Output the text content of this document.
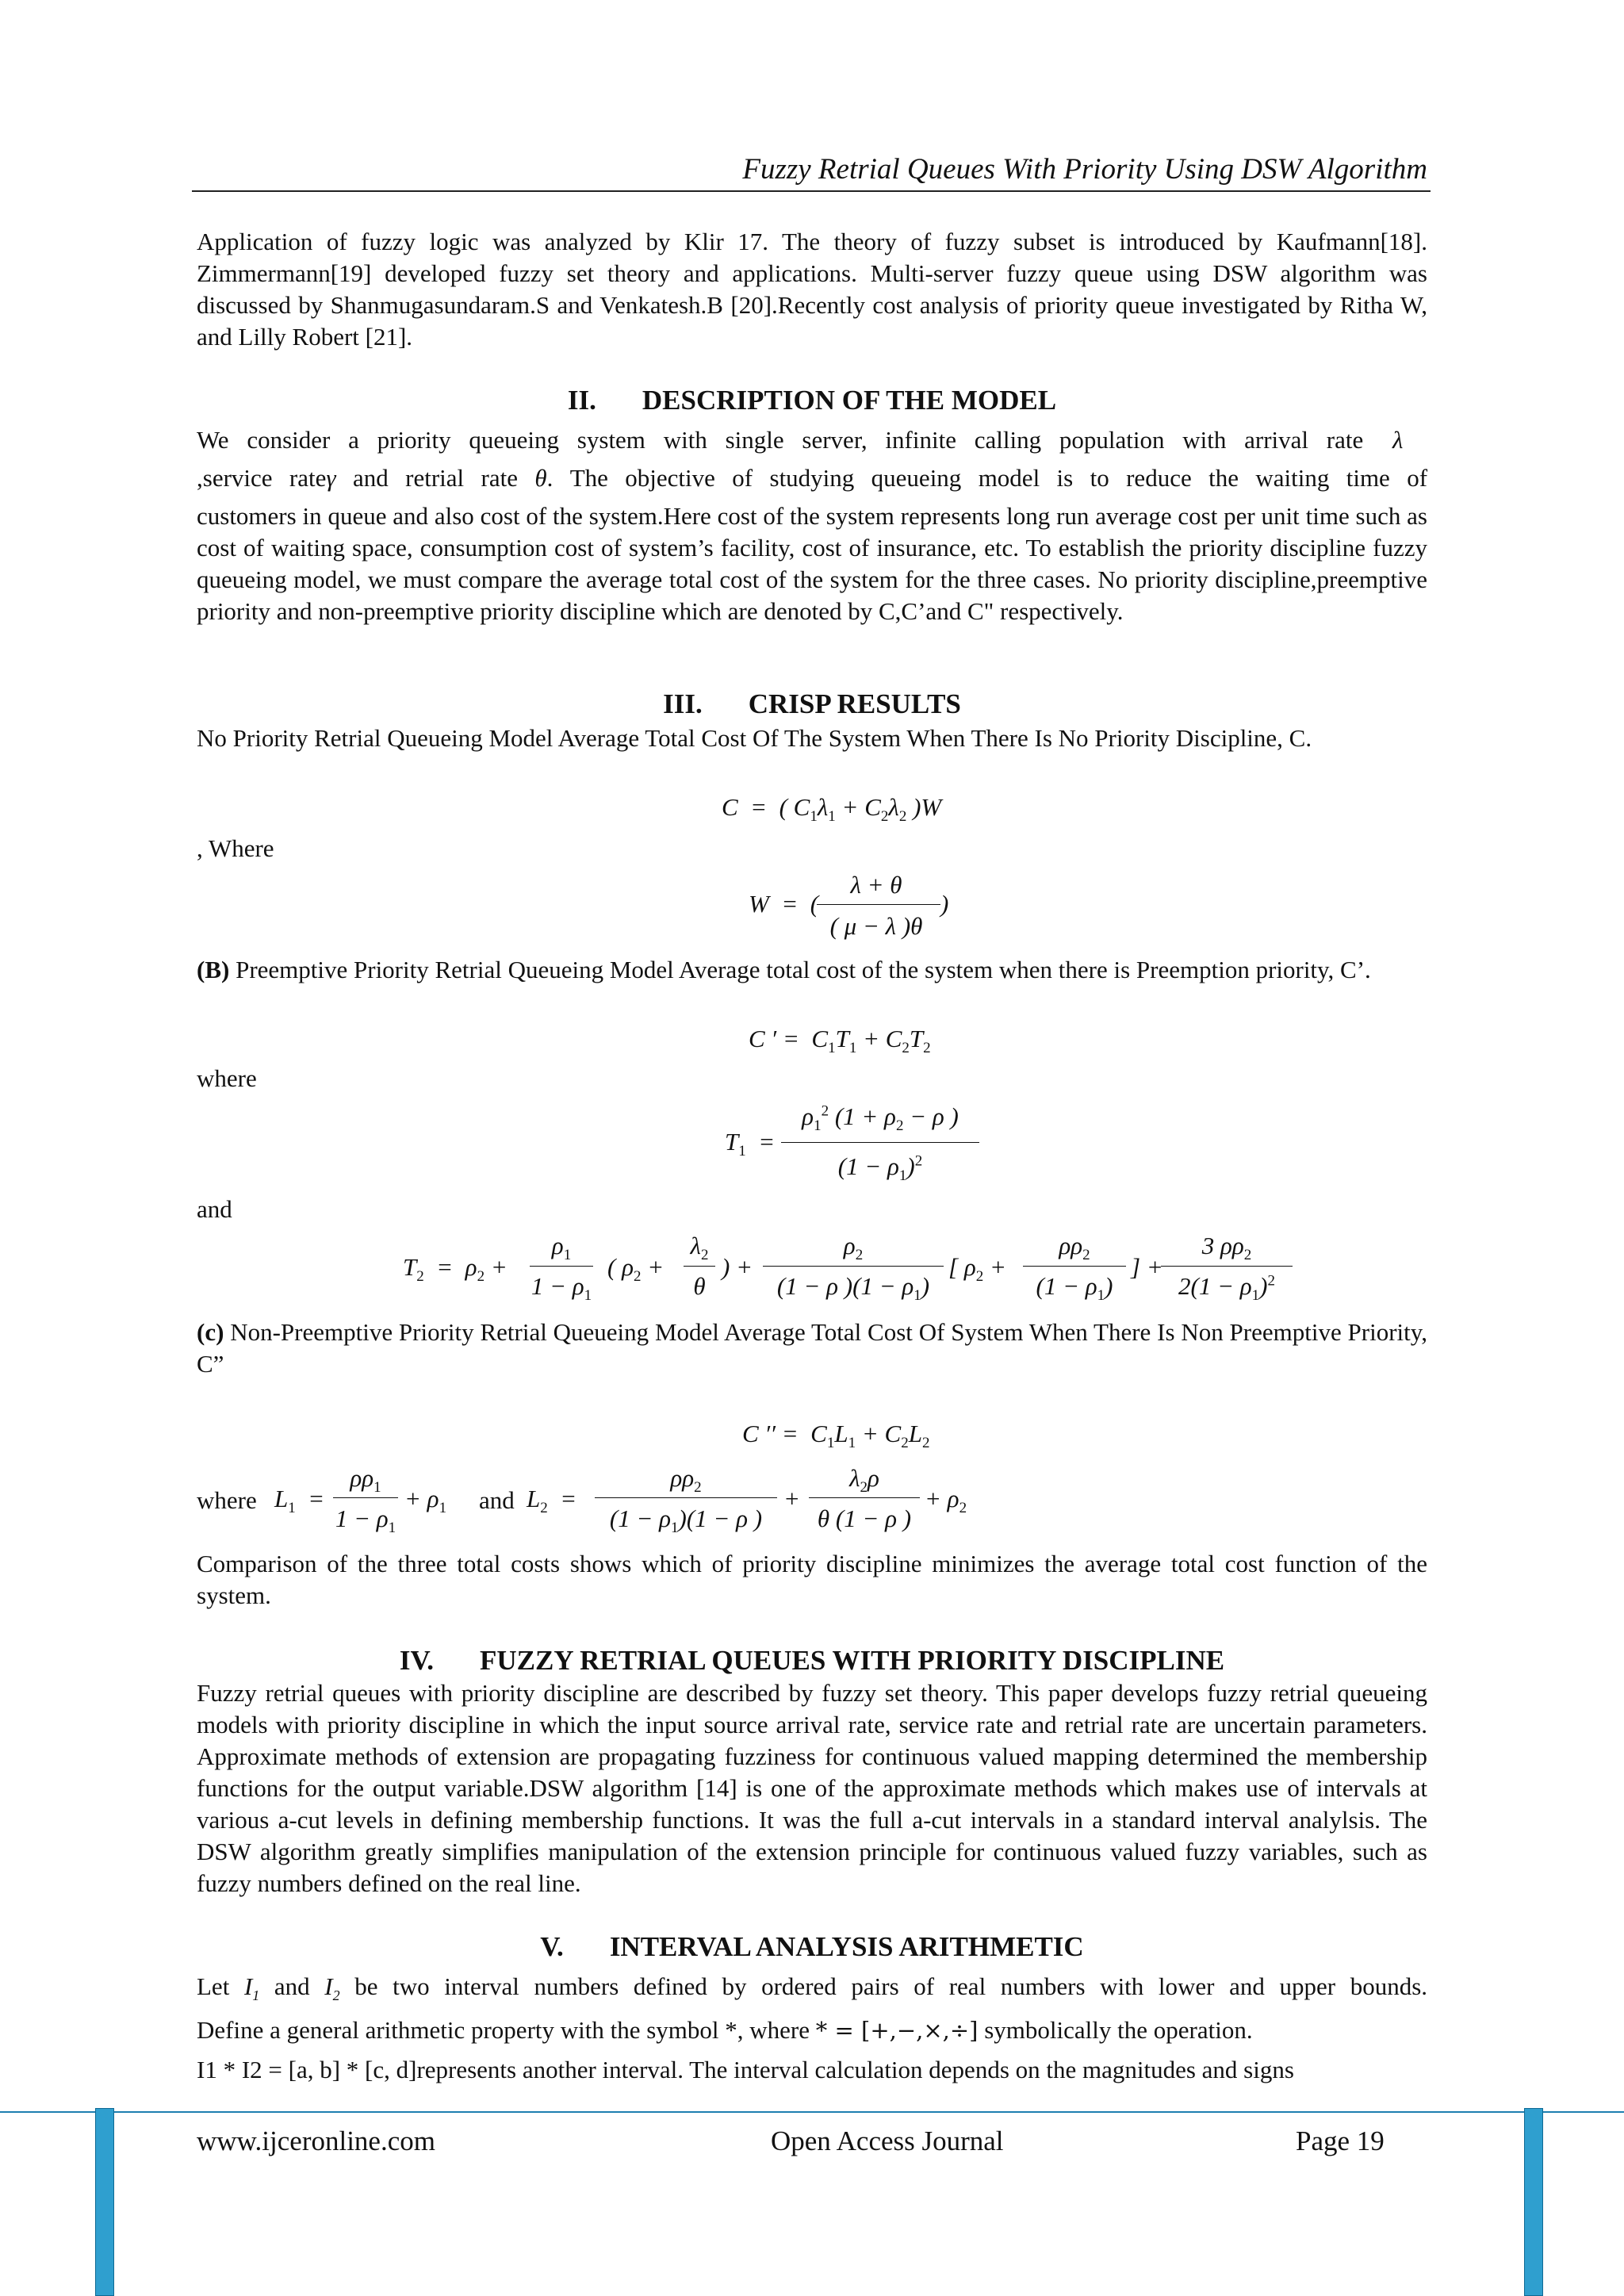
Fuzzy Retrial Queues With Priority Using DSW Algorithm

Application of fuzzy logic was analyzed by Klir 17. The theory of fuzzy subset is introduced by Kaufmann[18]. Zimmermann[19] developed fuzzy set theory and applications. Multi-server fuzzy queue using DSW algorithm was discussed by Shanmugasundaram.S and Venkatesh.B [20].Recently cost analysis of priority queue investigated by Ritha W, and Lilly Robert [21].

II. DESCRIPTION OF THE MODEL
We consider a priority queueing system with single server, infinite calling population with arrival rate λ
,service rateγ and retrial rate θ. The objective of studying queueing model is to reduce the waiting time of

customers in queue and also cost of the system.Here cost of the system represents long run average cost per unit time such as cost of waiting space, consumption cost of system’s facility, cost of insurance, etc. To establish the priority discipline fuzzy queueing model, we must compare the average total cost of the system for the three cases. No priority discipline,preemptive priority and non-preemptive priority discipline which are denoted by C,C’and C" respectively.

III. CRISP RESULTS

No Priority Retrial Queueing Model Average Total Cost Of The System When There Is No Priority Discipline, C.

C  =  ( $C_1\lambda_1 + C_2\lambda_2$ )W
, Where
W  =  (
λ + θ
( μ − λ )θ
)

(B) Preemptive Priority Retrial Queueing Model Average total cost of the system when there is Preemption priority, C’.

C ′ =  $C_1T_1 + C_2T_2$
where
$T_1$  =
$\rho_1^2$ ($1 + \rho_2 - \rho$ )
$(1 - \rho_1)^2$
and
$T_2 = \rho_2$ +
$\rho_1$
$1 - \rho_1$
( $\rho_2$ +
$\lambda_2$
θ
) +
$\rho_2$
(1 − ρ )$(1 - \rho_1)$
[ $\rho_2$ +
$\rho\rho_2$
$(1 - \rho_1)$
] +
3 $\rho\rho_2$
$2(1 - \rho_1)^2$

(c) Non-Preemptive Priority Retrial Queueing Model Average Total Cost Of System When There Is Non Preemptive Priority, C”

C ′′ =  $C_1L_1 + C_2L_2$
where $L_1$  =
$\rho\rho_1$
$1 - \rho_1$
+ $\rho_1$ and $L_2$  =
$\rho\rho_2$
$(1 - \rho_1)(1 - \rho$ )
+
$\lambda_2\rho$
θ (1 − ρ )
+ $\rho_2$

Comparison of the three total costs shows which of priority discipline minimizes the average total cost function of the system.

IV. FUZZY RETRIAL QUEUES WITH PRIORITY DISCIPLINE

Fuzzy retrial queues with priority discipline are described by fuzzy set theory. This paper develops fuzzy retrial queueing models with priority discipline in which the input source arrival rate, service rate and retrial rate are uncertain parameters. Approximate methods of extension are propagating fuzziness for continuous valued mapping determined the membership functions for the output variable.DSW algorithm [14] is one of the approximate methods which makes use of intervals at various a-cut levels in defining membership functions. It was the full a-cut intervals in a standard interval analylsis. The DSW algorithm greatly simplifies manipulation of the extension principle for continuous valued fuzzy variables, such as fuzzy numbers defined on the real line.

V. INTERVAL ANALYSIS ARITHMETIC
Let $I_1$ and $I_2$ be two interval numbers defined by ordered pairs of real numbers with lower and upper bounds.
Define a general arithmetic property with the symbol *, where * = [+,−,×,÷] symbolically the operation.

I1 * I2 = [a, b] * [c, d]represents another interval. The interval calculation depends on the magnitudes and signs

www.ijceronline.com	Open Access Journal	Page 19
